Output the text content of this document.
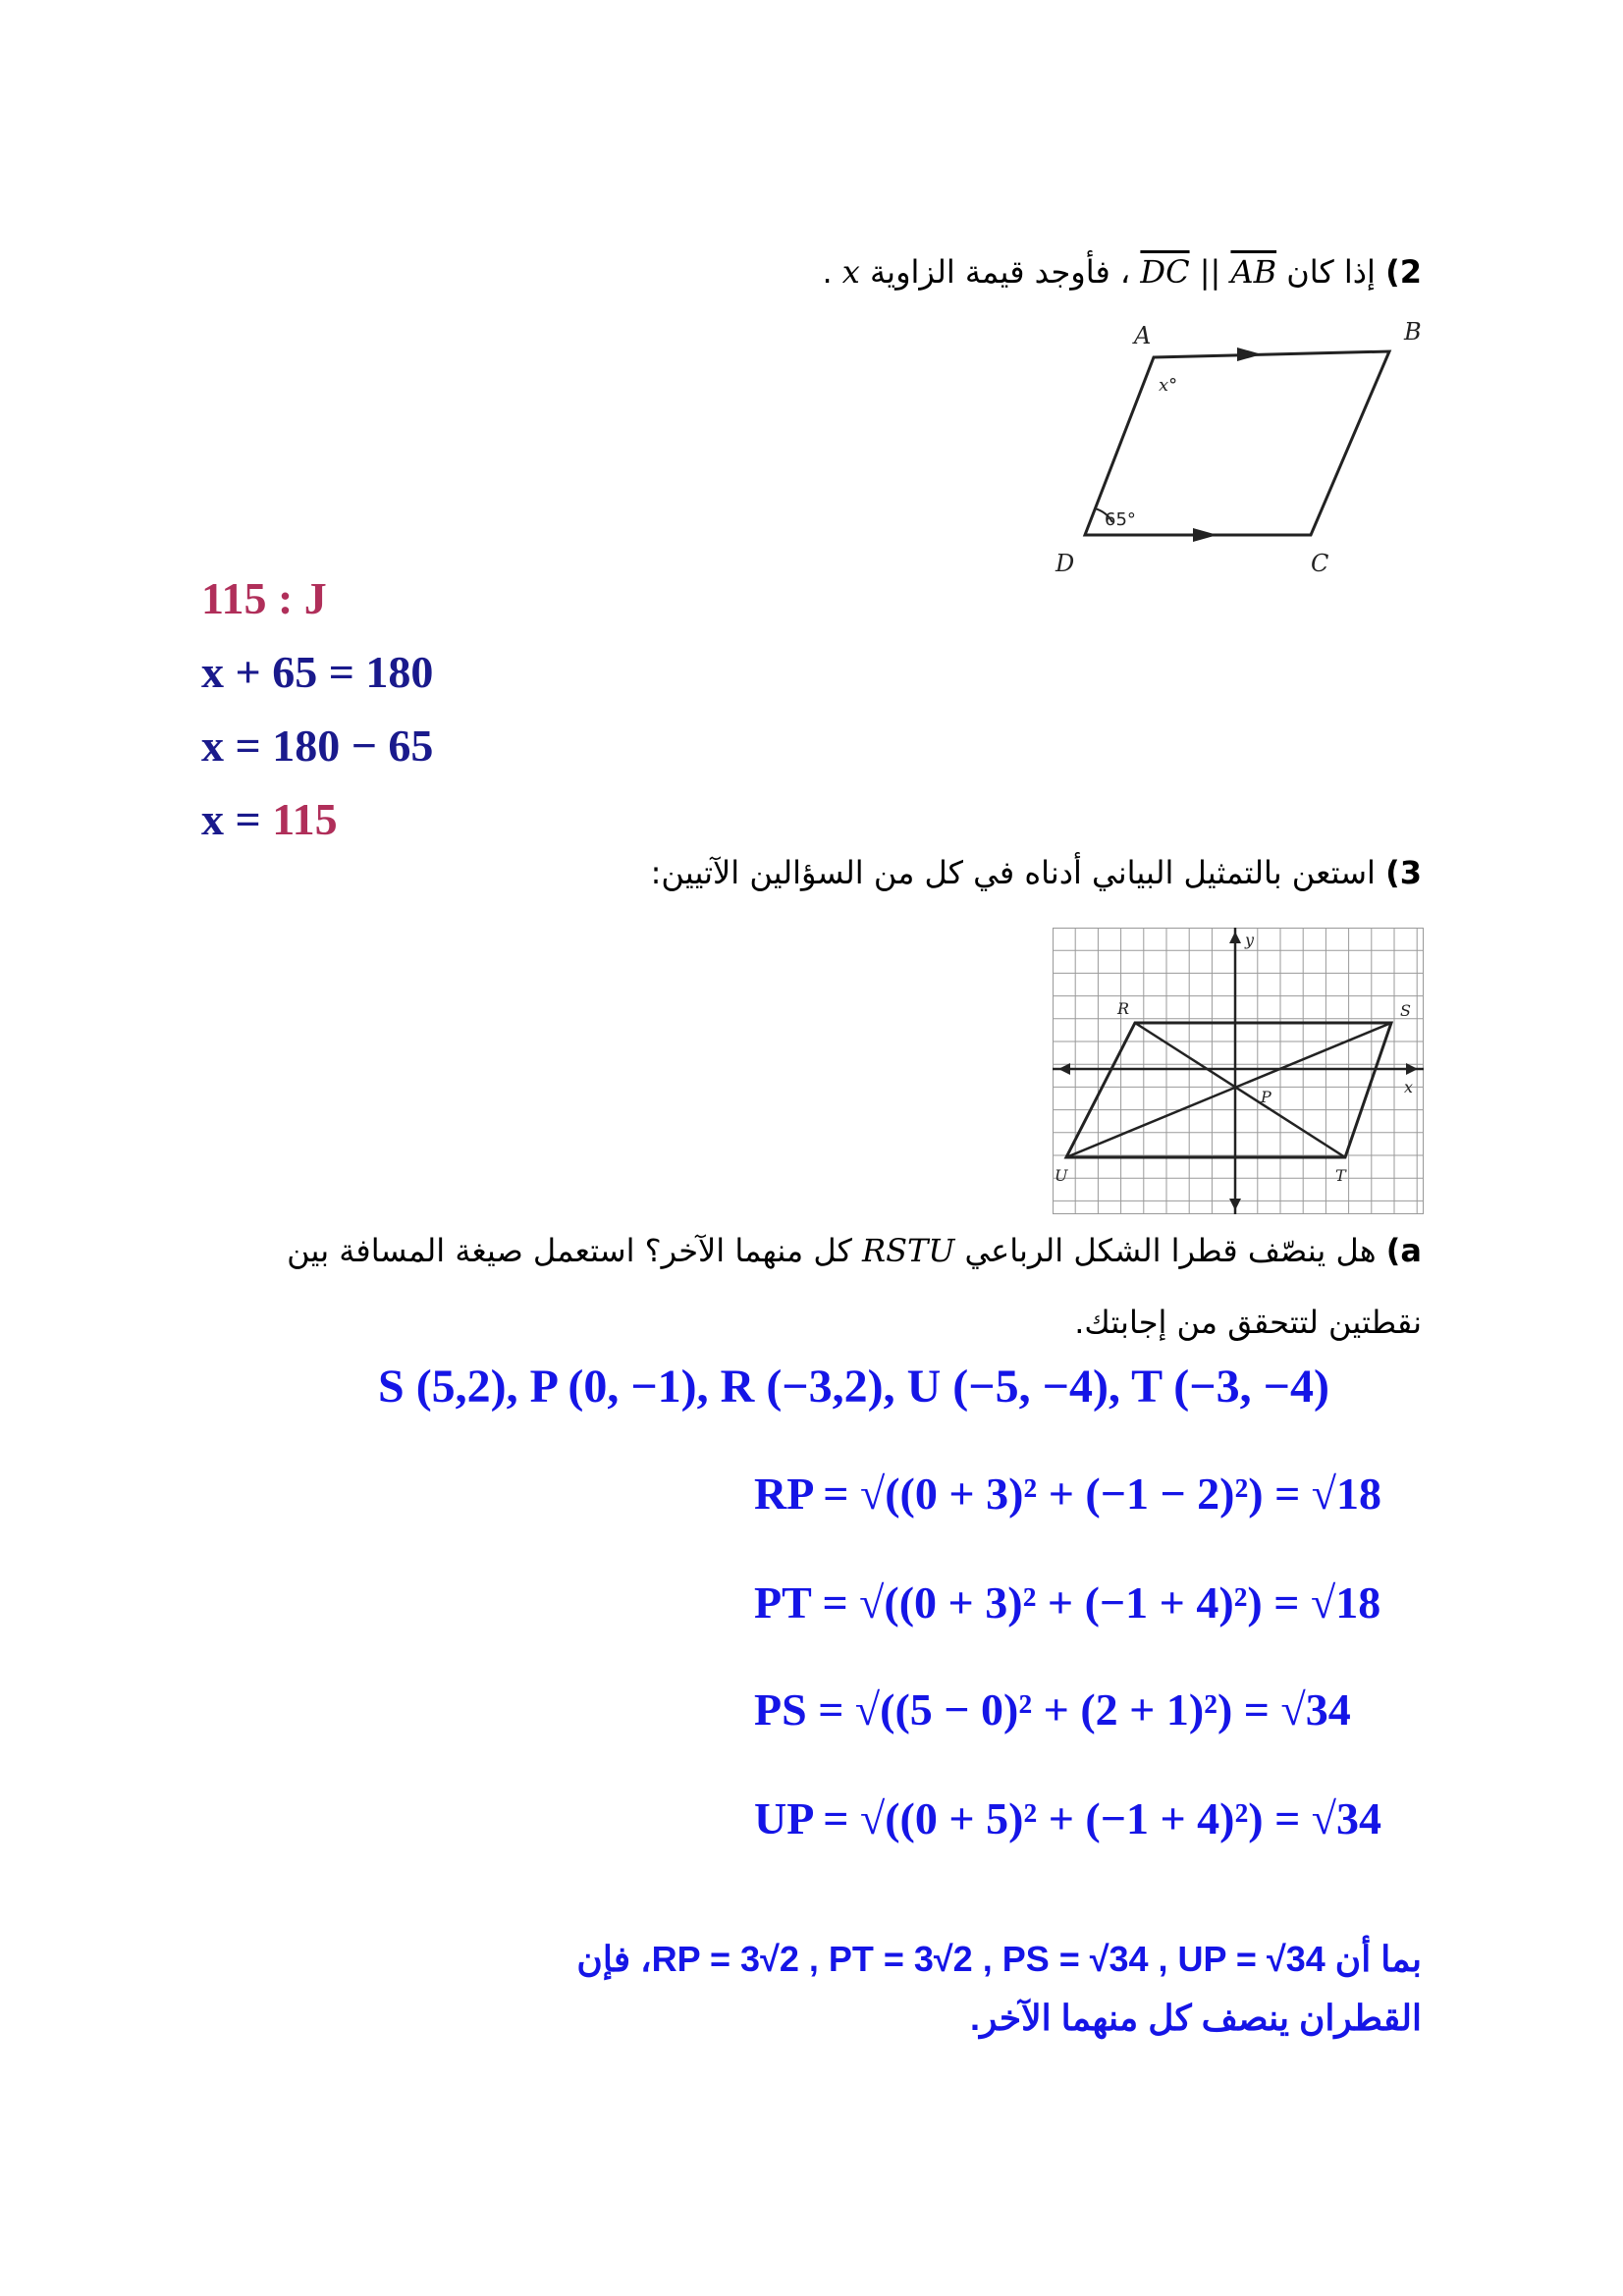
2) إذا كان $\overline{DC}$ || $\overline{AB}$ ، فأوجد قيمة الزاوية x .
A	B
C
D
x°
65°
115 : J
x + 65 = 180
x = 180 − 65
x = 115
3) استعن بالتمثيل البياني أدناه في كل من السؤالين الآتيين:
R	S
T
U
P
x
y
a) هل ينصّف قطرا الشكل الرباعي RSTU كل منهما الآخر؟ استعمل صيغة المسافة بين
نقطتين لتتحقق من إجابتك.
S (5,2), P (0, −1), R (−3,2), U (−5, −4), T (−3, −4)
RP = √((0 + 3)² + (−1 − 2)²) = √18
PT = √((0 + 3)² + (−1 + 4)²) = √18
PS = √((5 − 0)² + (2 + 1)²) = √34
UP = √((0 + 5)² + (−1 + 4)²) = √34
بما أن RP = 3√2 , PT = 3√2 , PS = √34 , UP = √34، فإن
القطران ينصف كل منهما الآخر.
